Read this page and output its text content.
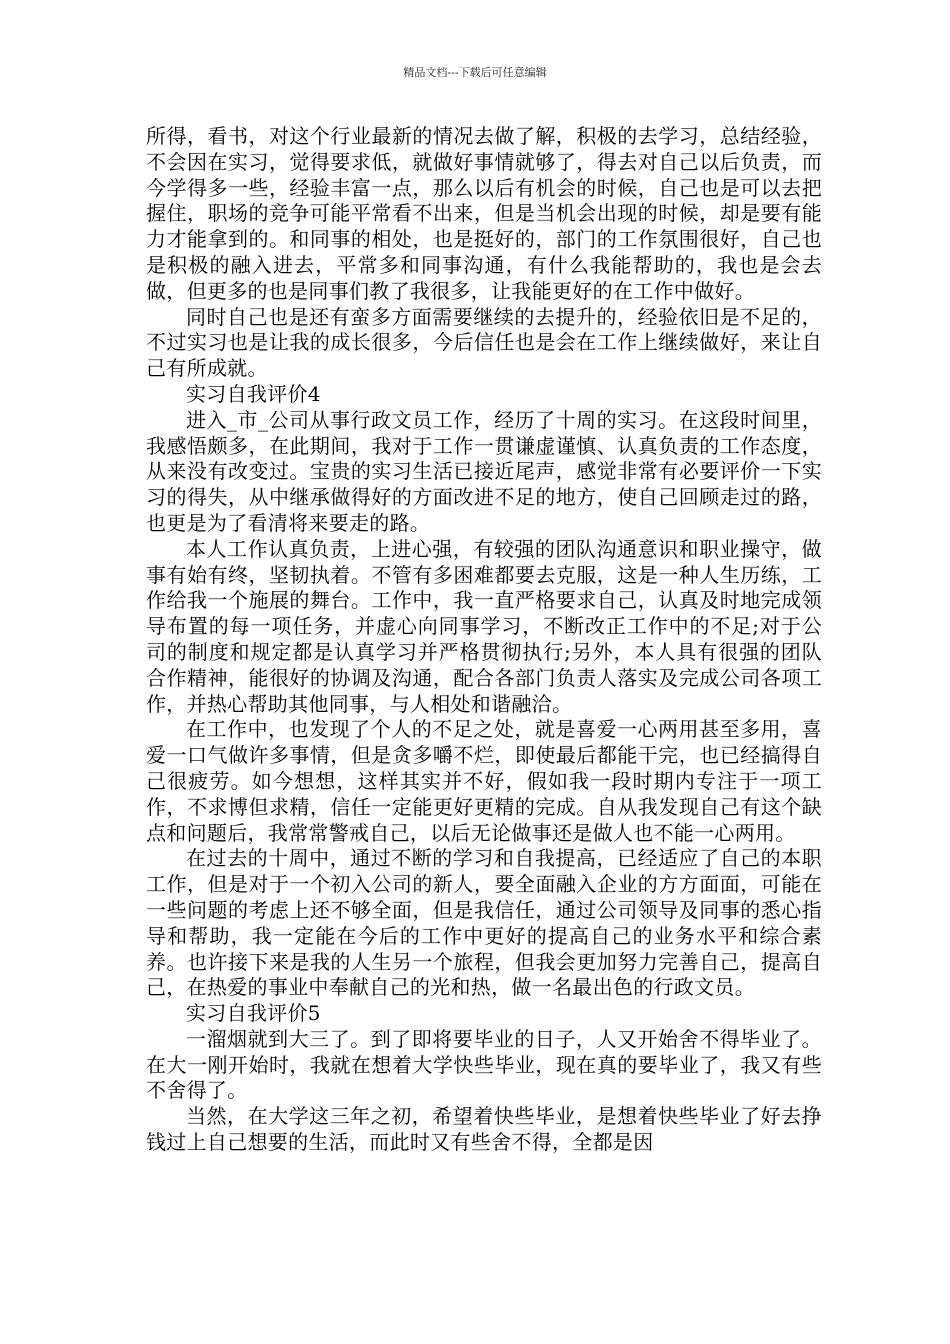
精品文档---下载后可任意编辑

所得，看书，对这个行业最新的情况去做了解，积极的去学习，总结经验，不会因在实习，觉得要求低，就做好事情就够了，得去对自己以后负责，而今学得多一些，经验丰富一点，那么以后有机会的时候，自己也是可以去把握住，职场的竞争可能平常看不出来，但是当机会出现的时候，却是要有能力才能拿到的。和同事的相处，也是挺好的，部门的工作氛围很好，自己也是积极的融入进去，平常多和同事沟通，有什么我能帮助的，我也是会去做，但更多的也是同事们教了我很多，让我能更好的在工作中做好。

同时自己也是还有蛮多方面需要继续的去提升的，经验依旧是不足的，不过实习也是让我的成长很多，今后信任也是会在工作上继续做好，来让自己有所成就。

实习自我评价4

进入_市_公司从事行政文员工作，经历了十周的实习。在这段时间里，我感悟颇多，在此期间，我对于工作一贯谦虚谨慎、认真负责的工作态度，从来没有改变过。宝贵的实习生活已接近尾声，感觉非常有必要评价一下实习的得失，从中继承做得好的方面改进不足的地方，使自己回顾走过的路，也更是为了看清将来要走的路。

本人工作认真负责，上进心强，有较强的团队沟通意识和职业操守，做事有始有终，坚韧执着。不管有多困难都要去克服，这是一种人生历练，工作给我一个施展的舞台。工作中，我一直严格要求自己，认真及时地完成领导布置的每一项任务，并虚心向同事学习，不断改正工作中的不足;对于公司的制度和规定都是认真学习并严格贯彻执行;另外，本人具有很强的团队合作精神，能很好的协调及沟通，配合各部门负责人落实及完成公司各项工作，并热心帮助其他同事，与人相处和谐融洽。

在工作中，也发现了个人的不足之处，就是喜爱一心两用甚至多用，喜爱一口气做许多事情，但是贪多嚼不烂，即使最后都能干完，也已经搞得自己很疲劳。如今想想，这样其实并不好，假如我一段时期内专注于一项工作，不求博但求精，信任一定能更好更精的完成。自从我发现自己有这个缺点和问题后，我常常警戒自己，以后无论做事还是做人也不能一心两用。

在过去的十周中，通过不断的学习和自我提高，已经适应了自己的本职工作，但是对于一个初入公司的新人，要全面融入企业的方方面面，可能在一些问题的考虑上还不够全面，但是我信任，通过公司领导及同事的悉心指导和帮助，我一定能在今后的工作中更好的提高自己的业务水平和综合素养。也许接下来是我的人生另一个旅程，但我会更加努力完善自己，提高自己，在热爱的事业中奉献自己的光和热，做一名最出色的行政文员。

实习自我评价5

一溜烟就到大三了。到了即将要毕业的日子，人又开始舍不得毕业了。在大一刚开始时，我就在想着大学快些毕业，现在真的要毕业了，我又有些不舍得了。

当然，在大学这三年之初，希望着快些毕业，是想着快些毕业了好去挣钱过上自己想要的生活，而此时又有些舍不得，全都是因
